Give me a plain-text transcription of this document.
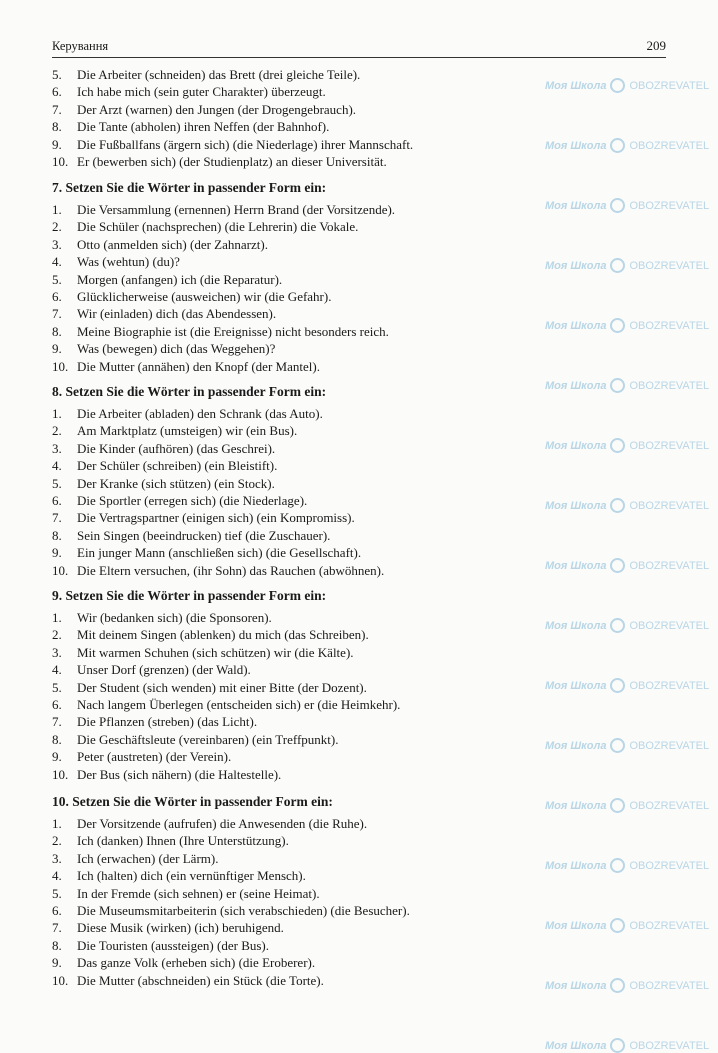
Моя Школа OBOZREVATEL
Моя Школа OBOZREVATEL
Моя Школа OBOZREVATEL
Моя Школа OBOZREVATEL
Моя Школа OBOZREVATEL
Моя Школа OBOZREVATEL
Моя Школа OBOZREVATEL
Моя Школа OBOZREVATEL
Моя Школа OBOZREVATEL
Моя Школа OBOZREVATEL
Моя Школа OBOZREVATEL
Моя Школа OBOZREVATEL
Моя Школа OBOZREVATEL
Моя Школа OBOZREVATEL
Моя Школа OBOZREVATEL
Моя Школа OBOZREVATEL
Моя Школа OBOZREVATEL
Керування	209
5.	Die Arbeiter (schneiden) das Brett (drei gleiche Teile).
6.	Ich habe mich (sein guter Charakter) überzeugt.
7.	Der Arzt (warnen) den Jungen (der Drogengebrauch).
8.	Die Tante (abholen) ihren Neffen (der Bahnhof).
9.	Die Fußballfans (ärgern sich) (die Niederlage) ihrer Mannschaft.
10. Er (bewerben sich) (der Studienplatz) an dieser Universität.
7. Setzen Sie die Wörter in passender Form ein:
1.	Die Versammlung (ernennen) Herrn Brand (der Vorsitzende).
2.	Die Schüler (nachsprechen) (die Lehrerin) die Vokale.
3.	Otto (anmelden sich) (der Zahnarzt).
4.	Was (wehtun) (du)?
5.	Morgen (anfangen) ich (die Reparatur).
6.	Glücklicherweise (ausweichen) wir (die Gefahr).
7.	Wir (einladen) dich (das Abendessen).
8.	Meine Biographie ist (die Ereignisse) nicht besonders reich.
9.	Was (bewegen) dich (das Weggehen)?
10. Die Mutter (annähen) den Knopf (der Mantel).
8. Setzen Sie die Wörter in passender Form ein:
1.	Die Arbeiter (abladen) den Schrank (das Auto).
2.	Am Marktplatz (umsteigen) wir (ein Bus).
3.	Die Kinder (aufhören) (das Geschrei).
4.	Der Schüler (schreiben) (ein Bleistift).
5.	Der Kranke (sich stützen) (ein Stock).
6.	Die Sportler (erregen sich) (die Niederlage).
7.	Die Vertragspartner (einigen sich) (ein Kompromiss).
8.	Sein Singen (beeindrucken) tief (die Zuschauer).
9.	Ein junger Mann (anschließen sich) (die Gesellschaft).
10. Die Eltern versuchen, (ihr Sohn) das Rauchen (abwöhnen).
9. Setzen Sie die Wörter in passender Form ein:
1.	Wir (bedanken sich) (die Sponsoren).
2.	Mit deinem Singen (ablenken) du mich (das Schreiben).
3.	Mit warmen Schuhen (sich schützen) wir (die Kälte).
4.	Unser Dorf (grenzen) (der Wald).
5.	Der Student (sich wenden) mit einer Bitte (der Dozent).
6.	Nach langem Überlegen (entscheiden sich) er (die Heimkehr).
7.	Die Pflanzen (streben) (das Licht).
8.	Die Geschäftsleute (vereinbaren) (ein Treffpunkt).
9.	Peter (austreten) (der Verein).
10. Der Bus (sich nähern) (die Haltestelle).
10. Setzen Sie die Wörter in passender Form ein:
1.	Der Vorsitzende (aufrufen) die Anwesenden (die Ruhe).
2.	Ich (danken) Ihnen (Ihre Unterstützung).
3.	Ich (erwachen) (der Lärm).
4.	Ich (halten) dich (ein vernünftiger Mensch).
5.	In der Fremde (sich sehnen) er (seine Heimat).
6.	Die Museumsmitarbeiterin (sich verabschieden) (die Besucher).
7.	Diese Musik (wirken) (ich) beruhigend.
8.	Die Touristen (aussteigen) (der Bus).
9.	Das ganze Volk (erheben sich) (die Eroberer).
10. Die Mutter (abschneiden) ein Stück (die Torte).
